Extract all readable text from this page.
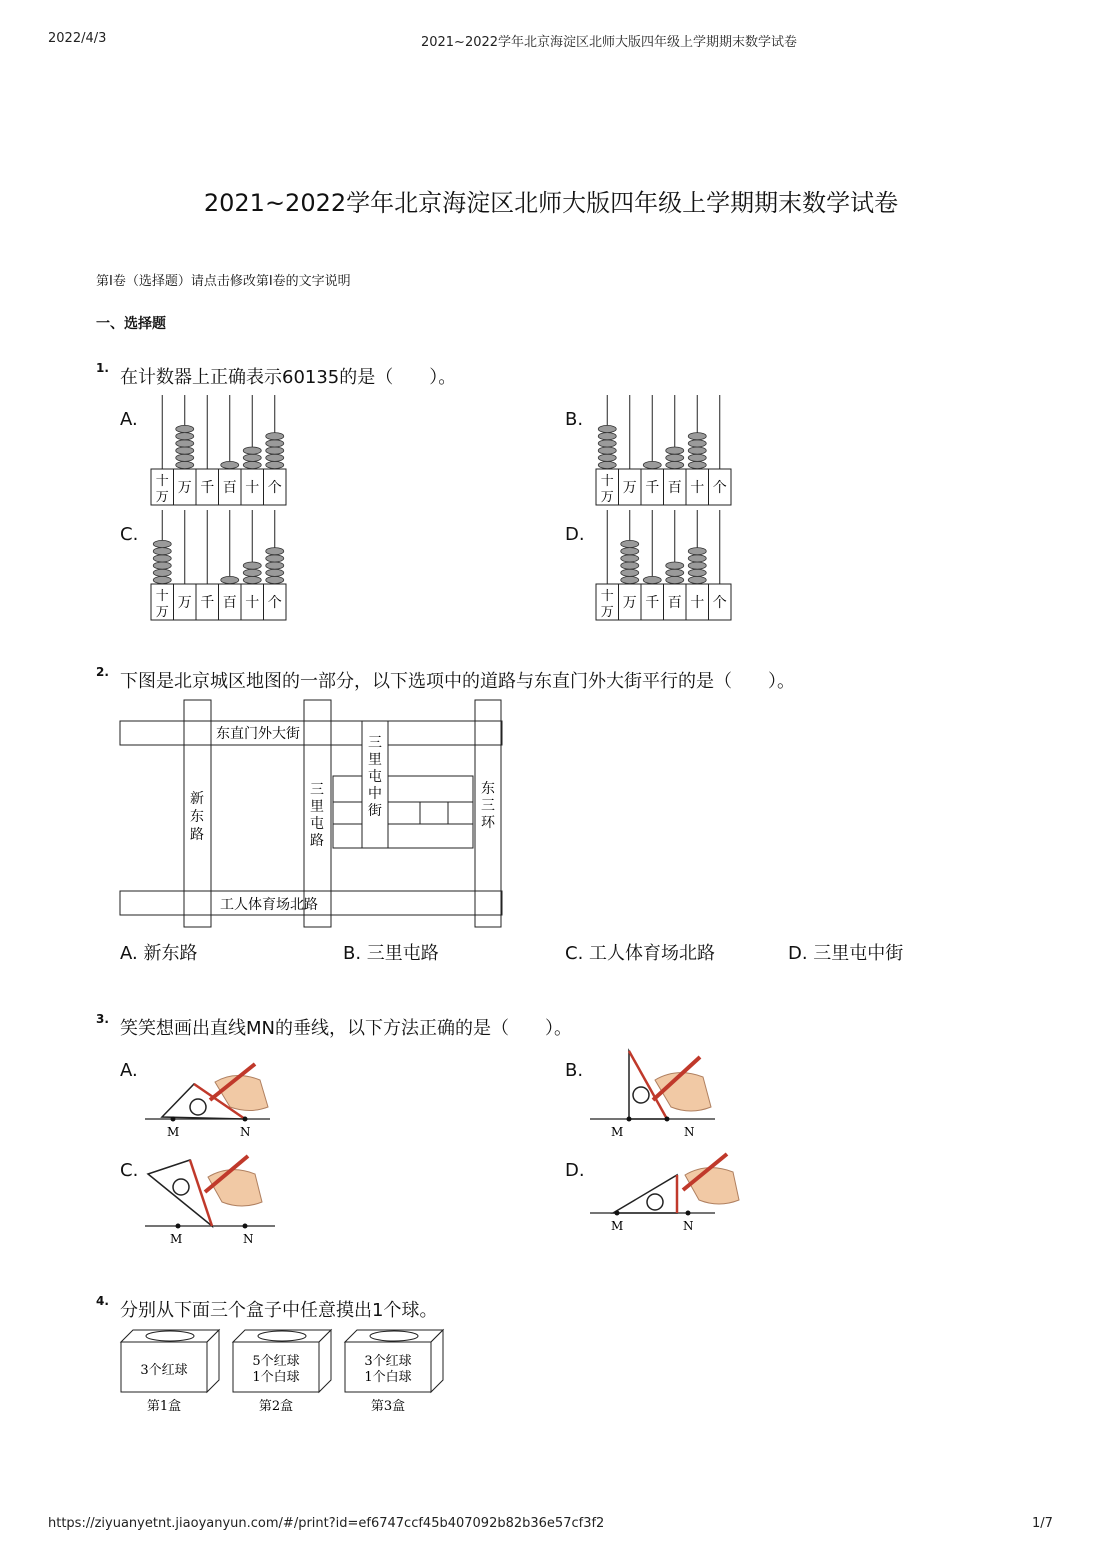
2022/4/3	2021~2022学年北京海淀区北师大版四年级上学期期末数学试卷
2021~2022学年北京海淀区北师大版四年级上学期期末数学试卷
第Ⅰ卷（选择题）请点击修改第Ⅰ卷的文字说明
一、选择题
1. 在计数器上正确表示60135的是（　　）。
A.
十
万
万 千 百 十 个
B.
十
万
万 千 百 十 个
C.
十
万
万 千 百 十 个
D.
十
万
万 千 百 十 个
2. 下图是北京城区地图的一部分，以下选项中的道路与东直门外大街平行的是（　　）。
东直门外大街
工人体育场北路
新
东
路
三
里
屯
路
三
里
屯
中
街
东
三
环
A. 新东路	B. 三里屯路	C. 工人体育场北路	D. 三里屯中街
3. 笑笑想画出直线MN的垂线，以下方法正确的是（　　）。
A.
M	N
B.
M	N
C.
M	N
D.
M	N
4. 分别从下面三个盒子中任意摸出1个球。
3个红球
第1盒
5个红球
1个白球
第2盒
3个红球
1个白球
第3盒
https://ziyuanyetnt.jiaoyanyun.com/#/print?id=ef6747ccf45b407092b82b36e57cf3f2	1/7
